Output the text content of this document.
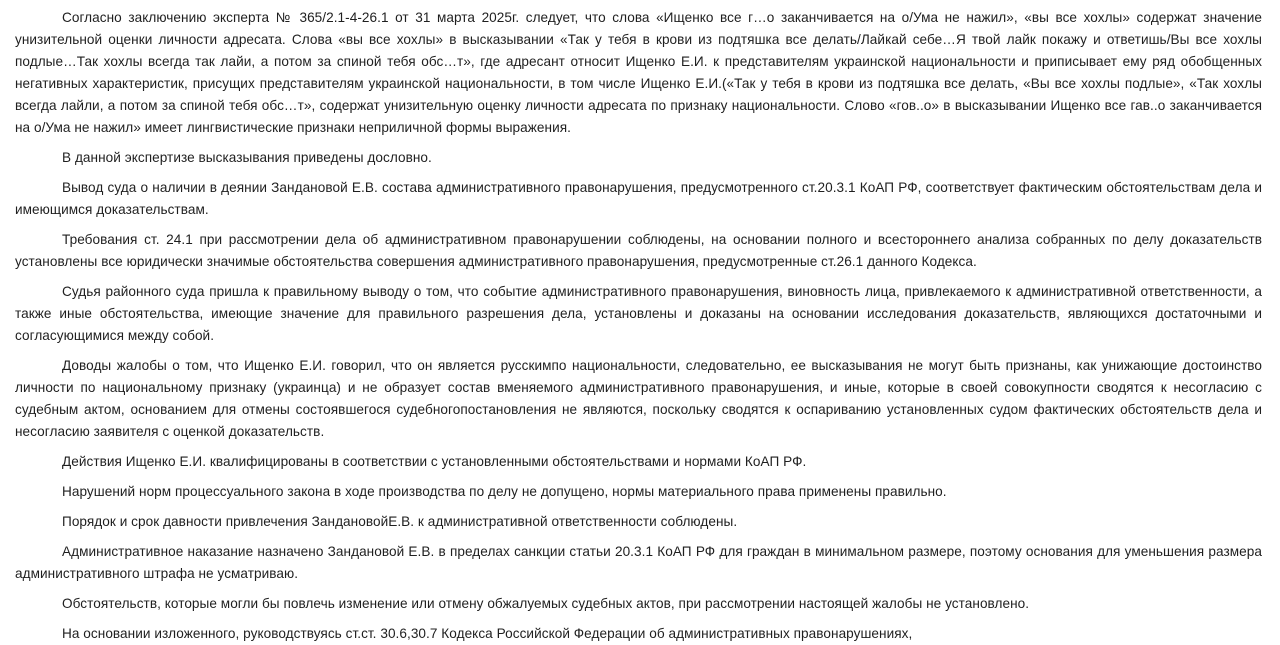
Согласно заключению эксперта № 365/2.1-4-26.1 от 31 марта 2025г. следует, что слова «Ищенко все г…о заканчивается на о/Ума не нажил», «вы все хохлы» содержат значение унизительной оценки личности адресата. Слова «вы все хохлы» в высказывании «Так у тебя в крови из подтяшка все делать/Лайкай себе…Я твой лайк покажу и ответишь/Вы все хохлы подлые…Так хохлы всегда так лайи, а потом за спиной тебя обс…т», где адресант относит Ищенко Е.И. к представителям украинской национальности и приписывает ему ряд обобщенных негативных характеристик, присущих представителям украинской национальности, в том числе Ищенко Е.И.(«Так у тебя в крови из подтяшка все делать, «Вы все хохлы подлые», «Так хохлы всегда лайли, а потом за спиной тебя обс…т», содержат унизительную оценку личности адресата по признаку национальности. Слово «гов..о» в высказывании Ищенко все гав..о заканчивается на о/Ума не нажил» имеет лингвистические признаки неприличной формы выражения.

В данной экспертизе высказывания приведены дословно.

Вывод суда о наличии в деянии Зандановой Е.В. состава административного правонарушения, предусмотренного ст.20.3.1 КоАП РФ, соответствует фактическим обстоятельствам дела и имеющимся доказательствам.

Требования ст. 24.1 при рассмотрении дела об административном правонарушении соблюдены, на основании полного и всестороннего анализа собранных по делу доказательств установлены все юридически значимые обстоятельства совершения административного правонарушения, предусмотренные ст.26.1 данного Кодекса.

Судья районного суда пришла к правильному выводу о том, что событие административного правонарушения, виновность лица, привлекаемого к административной ответственности, а также иные обстоятельства, имеющие значение для правильного разрешения дела, установлены и доказаны на основании исследования доказательств, являющихся достаточными и согласующимися между собой.

Доводы жалобы о том, что Ищенко Е.И. говорил, что он является русскимпо национальности, следовательно, ее высказывания не могут быть признаны, как унижающие достоинство личности по национальному признаку (украинца) и не образует состав вменяемого административного правонарушения, и иные, которые в своей совокупности сводятся к несогласию с судебным актом, основанием для отмены состоявшегося судебногопостановления не являются, поскольку сводятся к оспариванию установленных судом фактических обстоятельств дела и несогласию заявителя с оценкой доказательств.

Действия Ищенко Е.И. квалифицированы в соответствии с установленными обстоятельствами и нормами КоАП РФ.

Нарушений норм процессуального закона в ходе производства по делу не допущено, нормы материального права применены правильно.

Порядок и срок давности привлечения ЗандановойЕ.В. к административной ответственности соблюдены.

Административное наказание назначено Зандановой Е.В. в пределах санкции статьи 20.3.1 КоАП РФ для граждан в минимальном размере, поэтому основания для уменьшения размера административного штрафа не усматриваю.

Обстоятельств, которые могли бы повлечь изменение или отмену обжалуемых судебных актов, при рассмотрении настоящей жалобы не установлено.

На основании изложенного, руководствуясь ст.ст. 30.6,30.7 Кодекса Российской Федерации об административных правонарушениях,
